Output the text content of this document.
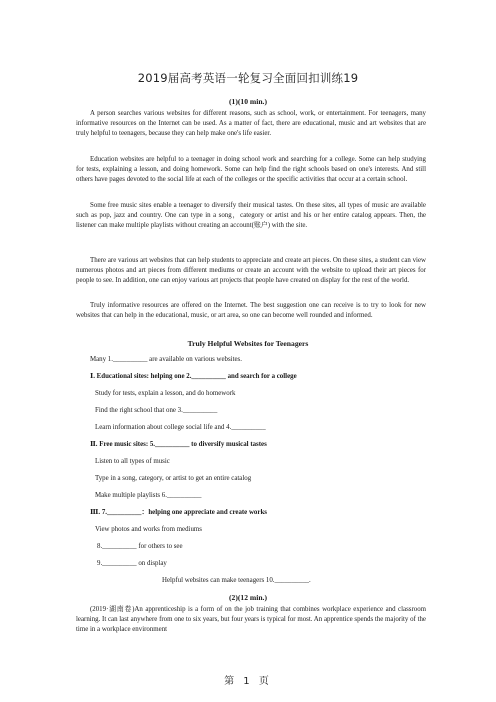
2019届高考英语一轮复习全面回扣训练19
(1)(10 min.)
A person searches various websites for different reasons, such as school, work, or entertainment. For teenagers, many informative resources on the Internet can be used. As a matter of fact, there are educational, music and art websites that are truly helpful to teenagers, because they can help make one's life easier.
Education websites are helpful to a teenager in doing school work and searching for a college. Some can help studying for tests, explaining a lesson, and doing homework. Some can help find the right schools based on one's interests. And still others have pages devoted to the social life at each of the colleges or the specific activities that occur at a certain school.
Some free music sites enable a teenager to diversify their musical tastes. On these sites, all types of music are available such as pop, jazz and country. One can type in a song，category or artist and his or her entire catalog appears. Then, the listener can make multiple playlists without creating an account(账户) with the site.
There are various art websites that can help students to appreciate and create art pieces. On these sites, a student can view numerous photos and art pieces from different mediums or create an account with the website to upload their art pieces for people to see. In addition, one can enjoy various art projects that people have created on display for the rest of the world.
Truly informative resources are offered on the Internet. The best suggestion one can receive is to try to look for new websites that can help in the educational, music, or art area, so one can become well rounded and informed.
Truly Helpful Websites for Teenagers
Many 1.__________ are available on various websites.
Ⅰ. Educational sites: helping one 2.__________ and search for a college
Study for tests, explain a lesson, and do homework
Find the right school that one 3.__________
Learn information about college social life and 4.__________
Ⅱ. Free music sites: 5.__________ to diversify musical tastes
Listen to all types of music
Type in a song, category, or artist to get an entire catalog
Make multiple playlists 6.__________
Ⅲ. 7.__________：helping one appreciate and create works
View photos and works from mediums
8.__________ for others to see
9.__________ on display
Helpful websites can make teenagers 10.__________.
(2)(12 min.)
(2019·湖南卷)An apprenticeship is a form of on the job training that combines workplace experience and classroom learning. It can last anywhere from one to six years, but four years is typical for most. An apprentice spends the majority of the time in a workplace environment
第 1 页
